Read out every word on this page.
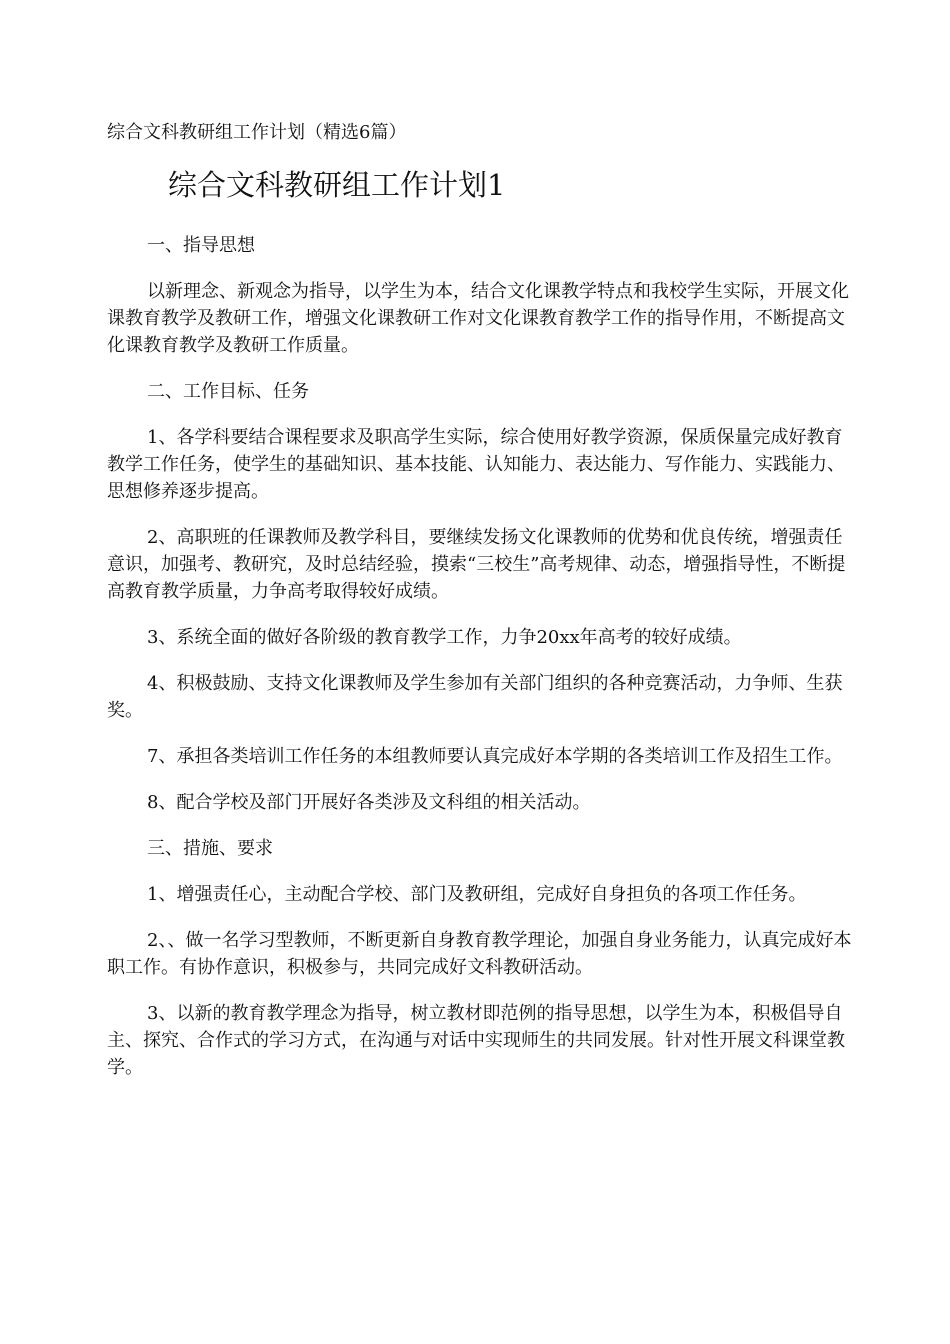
综合文科教研组工作计划（精选6篇）
综合文科教研组工作计划1

一、指导思想

以新理念、新观念为指导，以学生为本，结合文化课教学特点和我校学生实际，开展文化课教育教学及教研工作，增强文化课教研工作对文化课教育教学工作的指导作用，不断提高文化课教育教学及教研工作质量。

二、工作目标、任务

1、各学科要结合课程要求及职高学生实际，综合使用好教学资源，保质保量完成好教育教学工作任务，使学生的基础知识、基本技能、认知能力、表达能力、写作能力、实践能力、思想修养逐步提高。

2、高职班的任课教师及教学科目，要继续发扬文化课教师的优势和优良传统，增强责任意识，加强考、教研究，及时总结经验，摸索“三校生”高考规律、动态，增强指导性，不断提高教育教学质量，力争高考取得较好成绩。

3、系统全面的做好各阶级的教育教学工作，力争20xx年高考的较好成绩。

4、积极鼓励、支持文化课教师及学生参加有关部门组织的各种竞赛活动，力争师、生获奖。

7、承担各类培训工作任务的本组教师要认真完成好本学期的各类培训工作及招生工作。

8、配合学校及部门开展好各类涉及文科组的相关活动。

三、措施、要求

1、增强责任心，主动配合学校、部门及教研组，完成好自身担负的各项工作任务。

2、、做一名学习型教师，不断更新自身教育教学理论，加强自身业务能力，认真完成好本职工作。有协作意识，积极参与，共同完成好文科教研活动。

3、以新的教育教学理念为指导，树立教材即范例的指导思想，以学生为本，积极倡导自主、探究、合作式的学习方式，在沟通与对话中实现师生的共同发展。针对性开展文科课堂教学。
